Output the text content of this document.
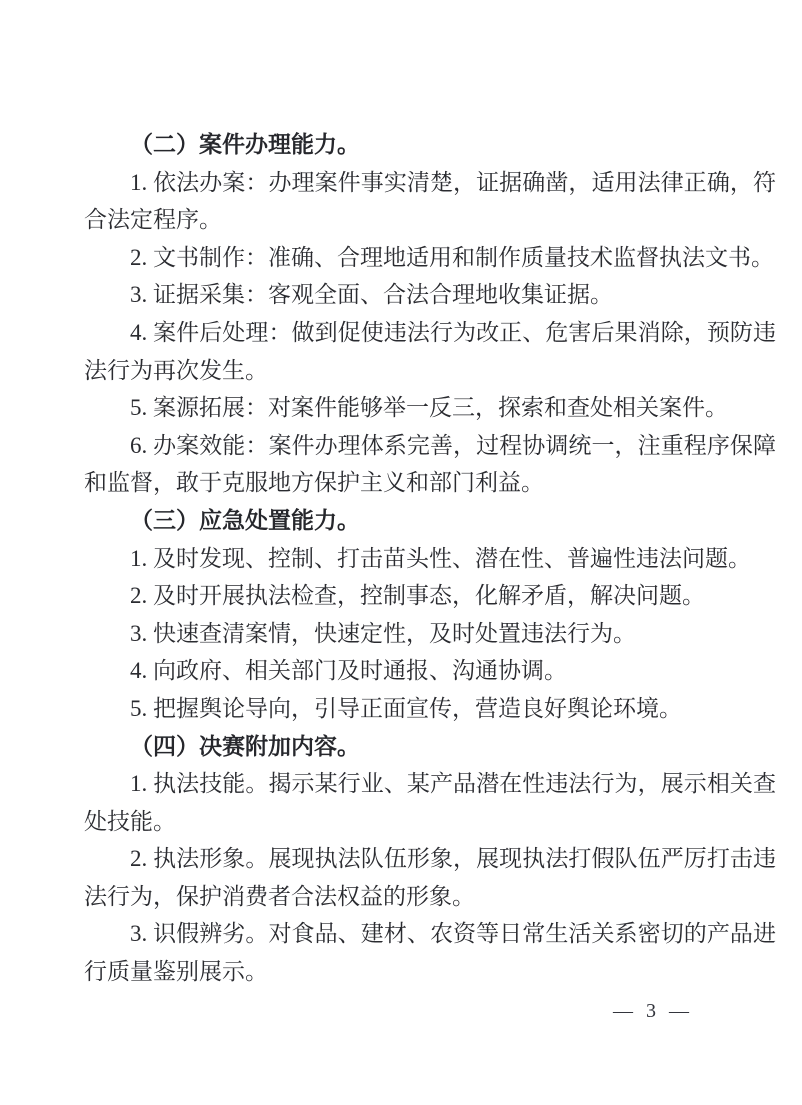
（二）案件办理能力。

1. 依法办案：办理案件事实清楚，证据确凿，适用法律正确，符合法定程序。

2. 文书制作：准确、合理地适用和制作质量技术监督执法文书。

3. 证据采集：客观全面、合法合理地收集证据。

4. 案件后处理：做到促使违法行为改正、危害后果消除，预防违法行为再次发生。

5. 案源拓展：对案件能够举一反三，探索和查处相关案件。

6. 办案效能：案件办理体系完善，过程协调统一，注重程序保障和监督，敢于克服地方保护主义和部门利益。

（三）应急处置能力。

1. 及时发现、控制、打击苗头性、潜在性、普遍性违法问题。

2. 及时开展执法检查，控制事态，化解矛盾，解决问题。

3. 快速查清案情，快速定性，及时处置违法行为。

4. 向政府、相关部门及时通报、沟通协调。

5. 把握舆论导向，引导正面宣传，营造良好舆论环境。

（四）决赛附加内容。

1. 执法技能。揭示某行业、某产品潜在性违法行为，展示相关查处技能。

2. 执法形象。展现执法队伍形象，展现执法打假队伍严厉打击违法行为，保护消费者合法权益的形象。

3. 识假辨劣。对食品、建材、农资等日常生活关系密切的产品进行质量鉴别展示。

— 3 —
